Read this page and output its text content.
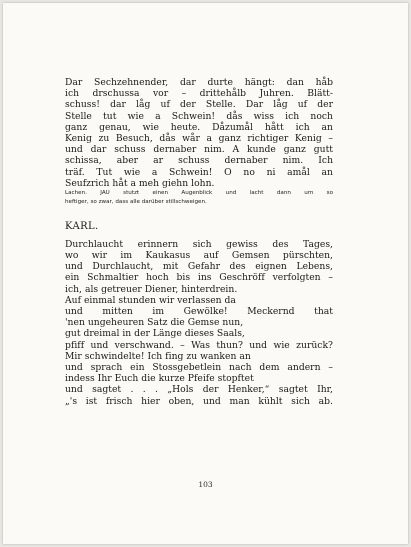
Dar Sechzehnender, dar durte hängt: dan håb
ich drschussa vor – drittehålb Juhren. Blätt-
schuss! dar låg uf der Stelle. Dar låg uf der
Stelle tut wie a Schwein! dås wiss ich noch
ganz genau, wie heute. Dåzumål hått ich an
Kenig zu Besuch, dås wår a ganz richtiger Kenig –
und dar schuss dernaber nim. A kunde ganz gutt
schissa, aber ar schuss dernaber nim. Ich
träf. Tut wie a Schwein! O no ni amål an
Seufzrich håt a meh giehn lohn.
Lachen. JAU stutzt einen Augenblick und lacht dann um so
heftiger, so zwar, dass alle darüber stillschweigen.
KARL.
Durchlaucht erinnern sich gewiss des Tages,
wo wir im Kaukasus auf Gemsen pürschten,
und Durchlaucht, mit Gefahr des eignen Lebens,
ein Schmaltier hoch bis ins Geschröff verfolgten –
ich, als getreuer Diener, hinterdrein.
Auf einmal stunden wir verlassen da
und mitten im Gewölke! Meckernd that
'nen ungeheuren Satz die Gemse nun,
gut dreimal in der Länge dieses Saals,
pfiff und verschwand. – Was thun? und wie zurück?
Mir schwindelte! Ich fing zu wanken an
und sprach ein Stossgebetlein nach dem andern –
indess Ihr Euch die kurze Pfeife stopftet
und sagtet . . . „Hols der Henker,“ sagtet Ihr,
„'s ist frisch hier oben, und man kühlt sich ab.
103
